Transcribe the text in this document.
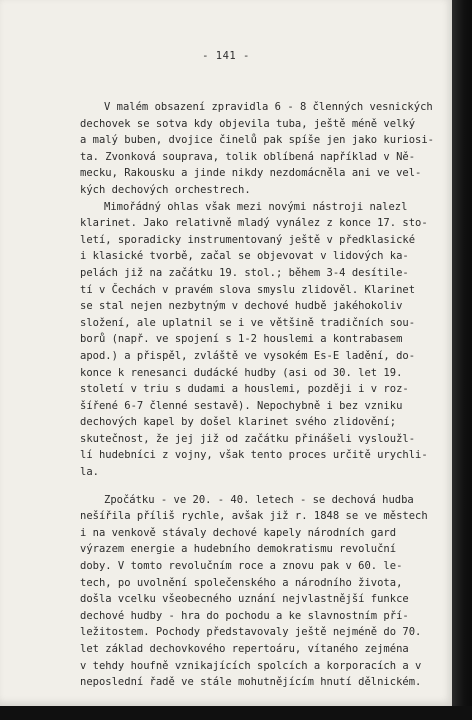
- 141 -
V malém obsazení zpravidla 6 - 8 členných vesnických
dechovek se sotva kdy objevila tuba, ještě méně velký
a malý buben, dvojice činelů pak spíše jen jako kuriosi-
ta. Zvonková souprava, tolik oblíbená například v Ně-
mecku, Rakousku a jinde nikdy nezdomácněla ani ve vel-
kých dechových orchestrech.
Mimořádný ohlas však mezi novými nástroji nalezl
klarinet. Jako relativně mladý vynález z konce 17. sto-
letí, sporadicky instrumentovaný ještě v předklasické
i klasické tvorbě, začal se objevovat v lidových ka-
pelách již na začátku 19. stol.; během 3-4 desítile-
tí v Čechách v pravém slova smyslu zlidověl. Klarinet
se stal nejen nezbytným v dechové hudbě jakéhokoliv
složení, ale uplatnil se i ve většině tradičních sou-
borů (např. ve spojení s 1-2 houslemi a kontrabasem
apod.) a přispěl, zvláště ve vysokém Es-E ladění, do-
konce k renesanci dudácké hudby (asi od 30. let 19.
století v triu s dudami a houslemi, později i v roz-
šířené 6-7 členné sestavě). Nepochybně i bez vzniku
dechových kapel by došel klarinet svého zlidovění;
skutečnost, že jej již od začátku přinášeli vysloužl-
lí hudebníci z vojny, však tento proces určitě urychli-
la.
Zpočátku - ve 20. - 40. letech - se dechová hudba
nešířila příliš rychle, avšak již r. 1848 se ve městech
i na venkově stávaly dechové kapely národních gard
výrazem energie a hudebního demokratismu revoluční
doby. V tomto revolučním roce a znovu pak v 60. le-
tech, po uvolnění společenského a národního života,
došla vcelku všeobecného uznání nejvlastnější funkce
dechové hudby - hra do pochodu a ke slavnostním pří-
ležitostem. Pochody představovaly ještě nejméně do 70.
let základ dechovkového repertoáru, vítaného zejména
v tehdy houfně vznikajících spolcích a korporacích a v
neposlední řadě ve stále mohutnějícím hnutí dělnickém.
